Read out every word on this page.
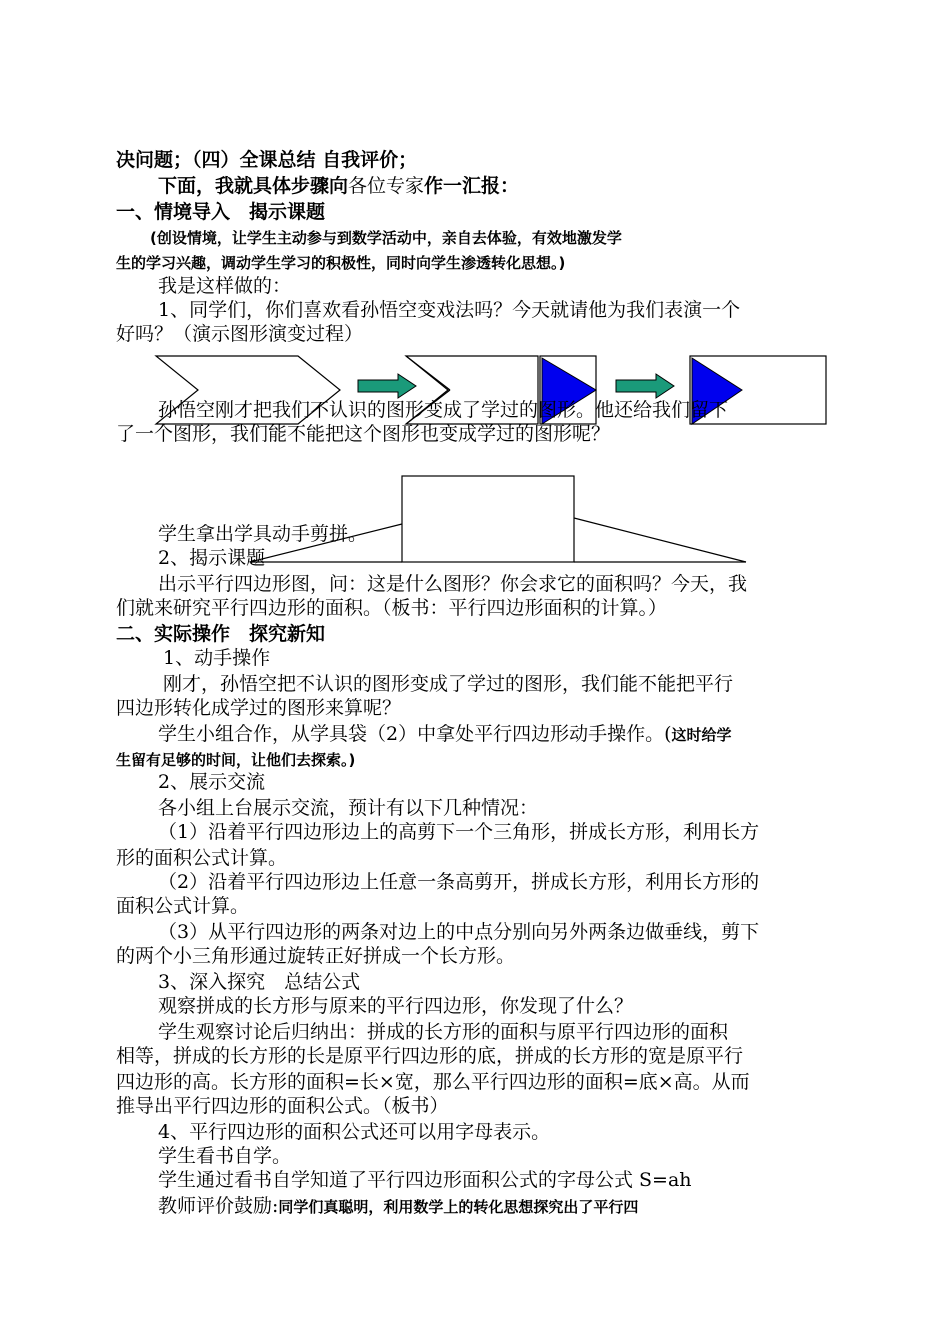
决问题；（四）全课总结 自我评价；
下面，我就具体步骤向各位专家作一汇报：
一、情境导入　揭示课题
(创设情境，让学生主动参与到数学活动中，亲自去体验，有效地激发学
生的学习兴趣，调动学生学习的积极性，同时向学生渗透转化思想。)
我是这样做的：
1、同学们，你们喜欢看孙悟空变戏法吗？今天就请他为我们表演一个
好吗？（演示图形演变过程）
孙悟空刚才把我们不认识的图形变成了学过的图形。他还给我们留下
了一个图形，我们能不能把这个图形也变成学过的图形呢？
学生拿出学具动手剪拼。
2、揭示课题
出示平行四边形图，问：这是什么图形？你会求它的面积吗？今天，我
们就来研究平行四边形的面积。（板书：平行四边形面积的计算。）
二、实际操作　探究新知
1、动手操作
刚才，孙悟空把不认识的图形变成了学过的图形，我们能不能把平行
四边形转化成学过的图形来算呢？
学生小组合作，从学具袋（2）中拿处平行四边形动手操作。(这时给学
生留有足够的时间，让他们去探索。)
2、展示交流
各小组上台展示交流，预计有以下几种情况：
（1）沿着平行四边形边上的高剪下一个三角形，拼成长方形，利用长方
形的面积公式计算。
（2）沿着平行四边形边上任意一条高剪开，拼成长方形，利用长方形的
面积公式计算。
（3）从平行四边形的两条对边上的中点分别向另外两条边做垂线，剪下
的两个小三角形通过旋转正好拼成一个长方形。
3、深入探究　总结公式
观察拼成的长方形与原来的平行四边形，你发现了什么？
学生观察讨论后归纳出：拼成的长方形的面积与原平行四边形的面积
相等，拼成的长方形的长是原平行四边形的底，拼成的长方形的宽是原平行
四边形的高。长方形的面积=长×宽，那么平行四边形的面积=底×高。从而
推导出平行四边形的面积公式。（板书）
4、平行四边形的面积公式还可以用字母表示。
学生看书自学。
学生通过看书自学知道了平行四边形面积公式的字母公式 S=ah
教师评价鼓励:同学们真聪明，利用数学上的转化思想探究出了平行四
